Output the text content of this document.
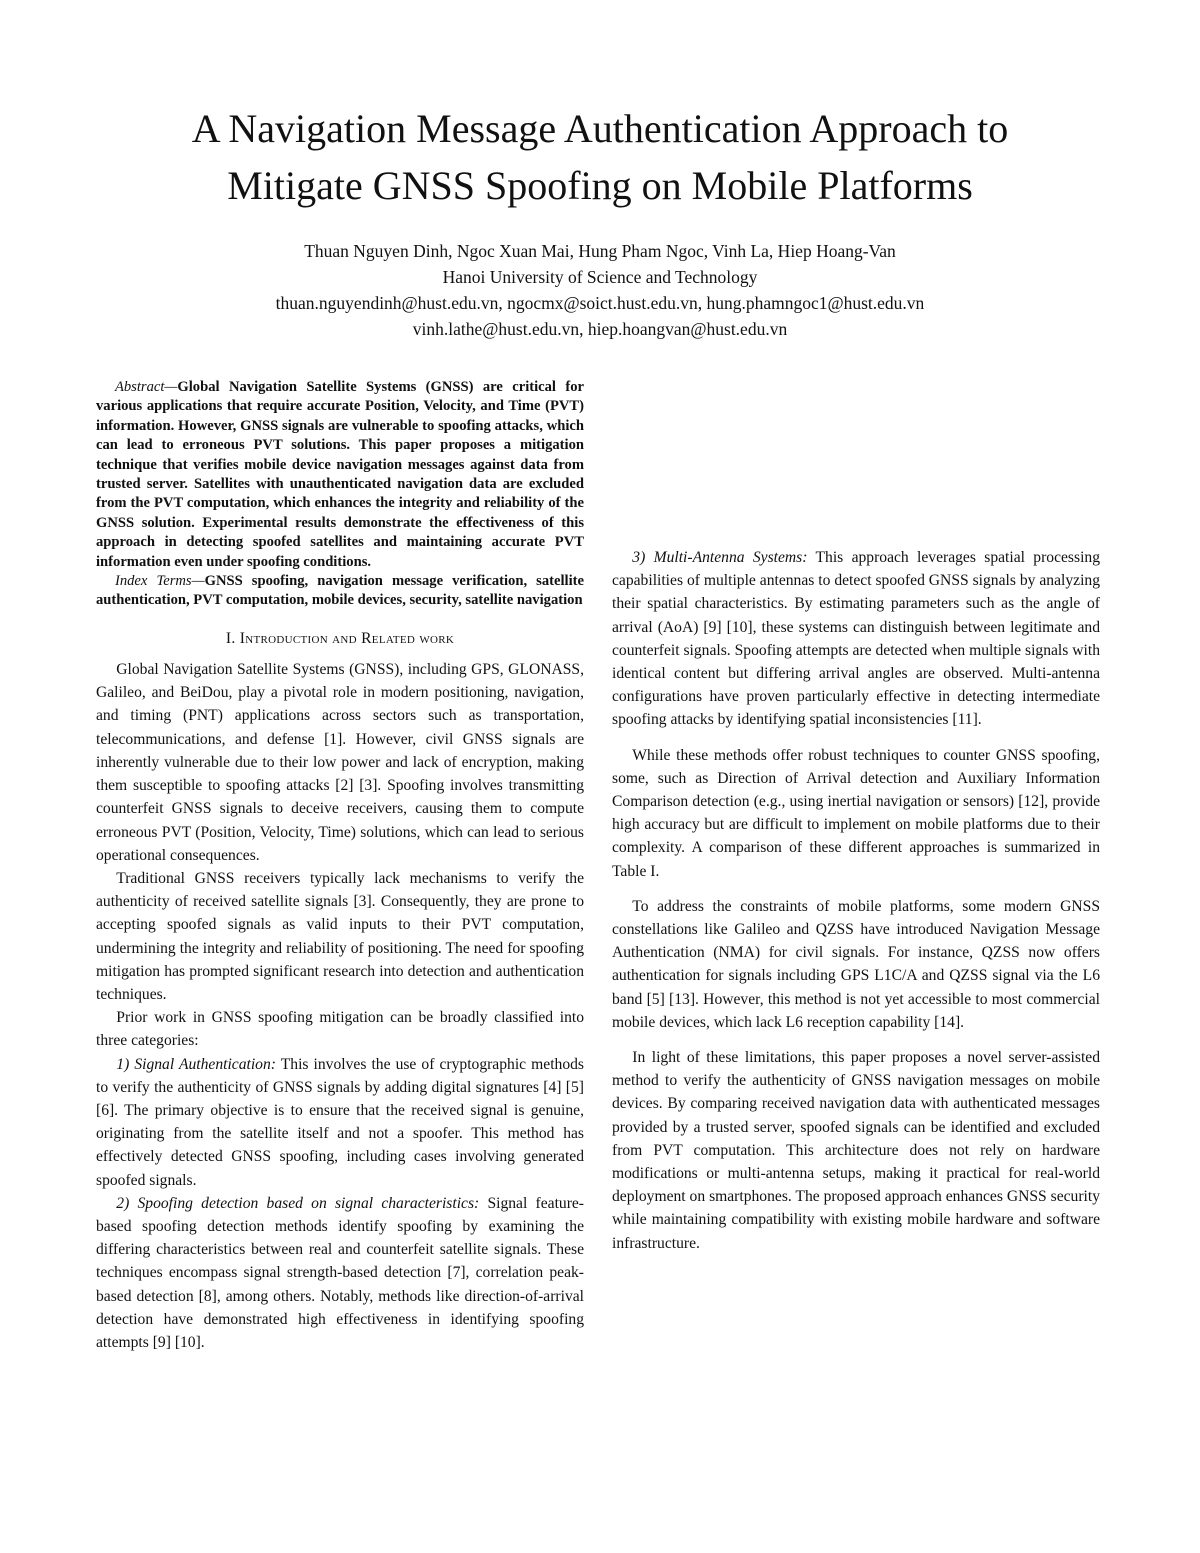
A Navigation Message Authentication Approach to
Mitigate GNSS Spoofing on Mobile Platforms
Thuan Nguyen Dinh, Ngoc Xuan Mai, Hung Pham Ngoc, Vinh La, Hiep Hoang-Van
Hanoi University of Science and Technology
thuan.nguyendinh@hust.edu.vn, ngocmx@soict.hust.edu.vn, hung.phamngoc1@hust.edu.vn
vinh.lathe@hust.edu.vn, hiep.hoangvan@hust.edu.vn

Abstract—Global Navigation Satellite Systems (GNSS) are critical for various applications that require accurate Position, Velocity, and Time (PVT) information. However, GNSS signals are vulnerable to spoofing attacks, which can lead to erroneous PVT solutions. This paper proposes a mitigation technique that verifies mobile device navigation messages against data from trusted server. Satellites with unauthenticated navigation data are excluded from the PVT computation, which enhances the integrity and reliability of the GNSS solution. Experimental results demonstrate the effectiveness of this approach in detecting spoofed satellites and maintaining accurate PVT information even under spoofing conditions.

Index Terms—GNSS spoofing, navigation message verification, satellite authentication, PVT computation, mobile devices, security, satellite navigation

I. Introduction and Related work

Global Navigation Satellite Systems (GNSS), including GPS, GLONASS, Galileo, and BeiDou, play a pivotal role in modern positioning, navigation, and timing (PNT) applications across sectors such as transportation, telecommunications, and defense [1]. However, civil GNSS signals are inherently vulnerable due to their low power and lack of encryption, making them susceptible to spoofing attacks [2] [3]. Spoofing involves transmitting counterfeit GNSS signals to deceive receivers, causing them to compute erroneous PVT (Position, Velocity, Time) solutions, which can lead to serious operational consequences.

Traditional GNSS receivers typically lack mechanisms to verify the authenticity of received satellite signals [3]. Consequently, they are prone to accepting spoofed signals as valid inputs to their PVT computation, undermining the integrity and reliability of positioning. The need for spoofing mitigation has prompted significant research into detection and authentication techniques.

Prior work in GNSS spoofing mitigation can be broadly classified into three categories:

1) Signal Authentication: This involves the use of cryptographic methods to verify the authenticity of GNSS signals by adding digital signatures [4] [5] [6]. The primary objective is to ensure that the received signal is genuine, originating from the satellite itself and not a spoofer. This method has effectively detected GNSS spoofing, including cases involving generated spoofed signals.

2) Spoofing detection based on signal characteristics: Signal feature-based spoofing detection methods identify spoofing by examining the differing characteristics between real and counterfeit satellite signals. These techniques encompass signal strength-based detection [7], correlation peak-based detection [8], among others. Notably, methods like direction-of-arrival detection have demonstrated high effectiveness in identifying spoofing attempts [9] [10].

3) Multi-Antenna Systems: This approach leverages spatial processing capabilities of multiple antennas to detect spoofed GNSS signals by analyzing their spatial characteristics. By estimating parameters such as the angle of arrival (AoA) [9] [10], these systems can distinguish between legitimate and counterfeit signals. Spoofing attempts are detected when multiple signals with identical content but differing arrival angles are observed. Multi-antenna configurations have proven particularly effective in detecting intermediate spoofing attacks by identifying spatial inconsistencies [11].

While these methods offer robust techniques to counter GNSS spoofing, some, such as Direction of Arrival detection and Auxiliary Information Comparison detection (e.g., using inertial navigation or sensors) [12], provide high accuracy but are difficult to implement on mobile platforms due to their complexity. A comparison of these different approaches is summarized in Table I.

To address the constraints of mobile platforms, some modern GNSS constellations like Galileo and QZSS have introduced Navigation Message Authentication (NMA) for civil signals. For instance, QZSS now offers authentication for signals including GPS L1C/A and QZSS signal via the L6 band [5] [13]. However, this method is not yet accessible to most commercial mobile devices, which lack L6 reception capability [14].

In light of these limitations, this paper proposes a novel server-assisted method to verify the authenticity of GNSS navigation messages on mobile devices. By comparing received navigation data with authenticated messages provided by a trusted server, spoofed signals can be identified and excluded from PVT computation. This architecture does not rely on hardware modifications or multi-antenna setups, making it practical for real-world deployment on smartphones. The proposed approach enhances GNSS security while maintaining compatibility with existing mobile hardware and software infrastructure.
